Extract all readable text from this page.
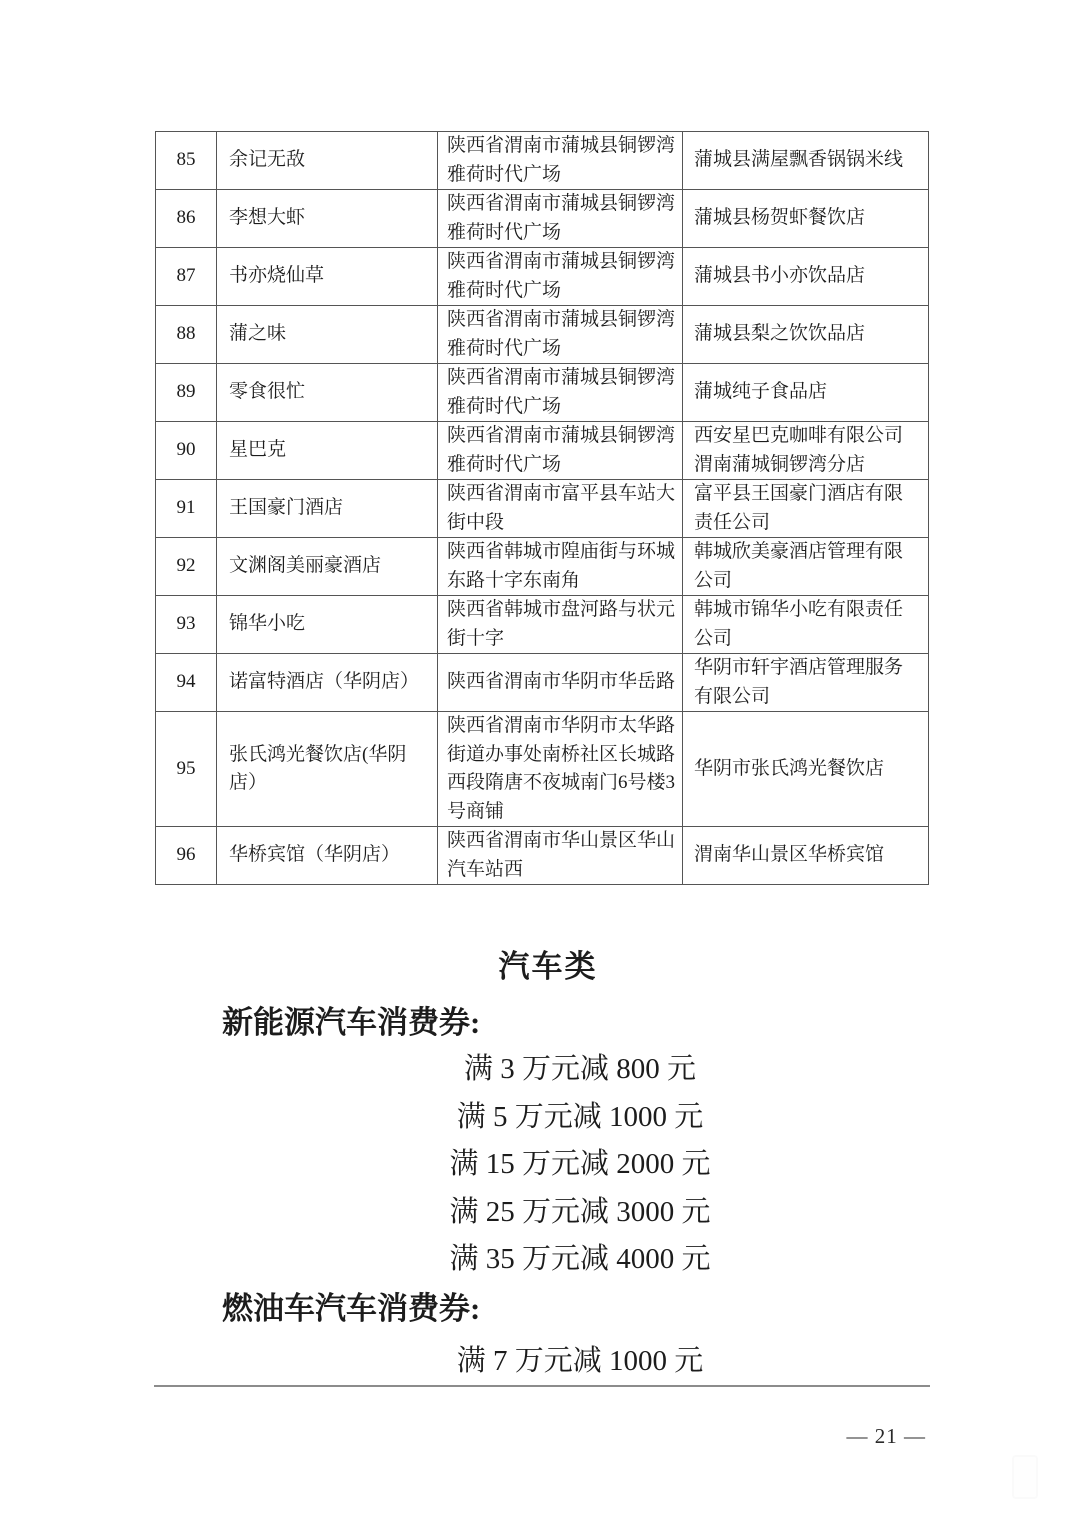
85	余记无敌	陕西省渭南市蒲城县铜锣湾雅荷时代广场	蒲城县满屋飘香锅锅米线
86	李想大虾	陕西省渭南市蒲城县铜锣湾雅荷时代广场	蒲城县杨贺虾餐饮店
87	书亦烧仙草	陕西省渭南市蒲城县铜锣湾雅荷时代广场	蒲城县书小亦饮品店
88	蒲之味	陕西省渭南市蒲城县铜锣湾雅荷时代广场	蒲城县梨之饮饮品店
89	零食很忙	陕西省渭南市蒲城县铜锣湾雅荷时代广场	蒲城纯子食品店
90	星巴克	陕西省渭南市蒲城县铜锣湾雅荷时代广场	西安星巴克咖啡有限公司渭南蒲城铜锣湾分店
91	王国豪门酒店	陕西省渭南市富平县车站大街中段	富平县王国豪门酒店有限责任公司
92	文渊阁美丽豪酒店	陕西省韩城市隍庙街与环城东路十字东南角	韩城欣美豪酒店管理有限公司
93	锦华小吃	陕西省韩城市盘河路与状元街十字	韩城市锦华小吃有限责任公司
94	诺富特酒店（华阴店）	陕西省渭南市华阴市华岳路	华阴市轩宇酒店管理服务有限公司
95	张氏鸿光餐饮店(华阴店）	陕西省渭南市华阴市太华路街道办事处南桥社区长城路西段隋唐不夜城南门6号楼3号商铺	华阴市张氏鸿光餐饮店
96	华桥宾馆（华阴店）	陕西省渭南市华山景区华山汽车站西	渭南华山景区华桥宾馆
汽车类
新能源汽车消费券:
满 3 万元减 800 元
满 5 万元减 1000 元
满 15 万元减 2000 元
满 25 万元减 3000 元
满 35 万元减 4000 元
燃油车汽车消费券:
满 7 万元减 1000 元
— 21 —
